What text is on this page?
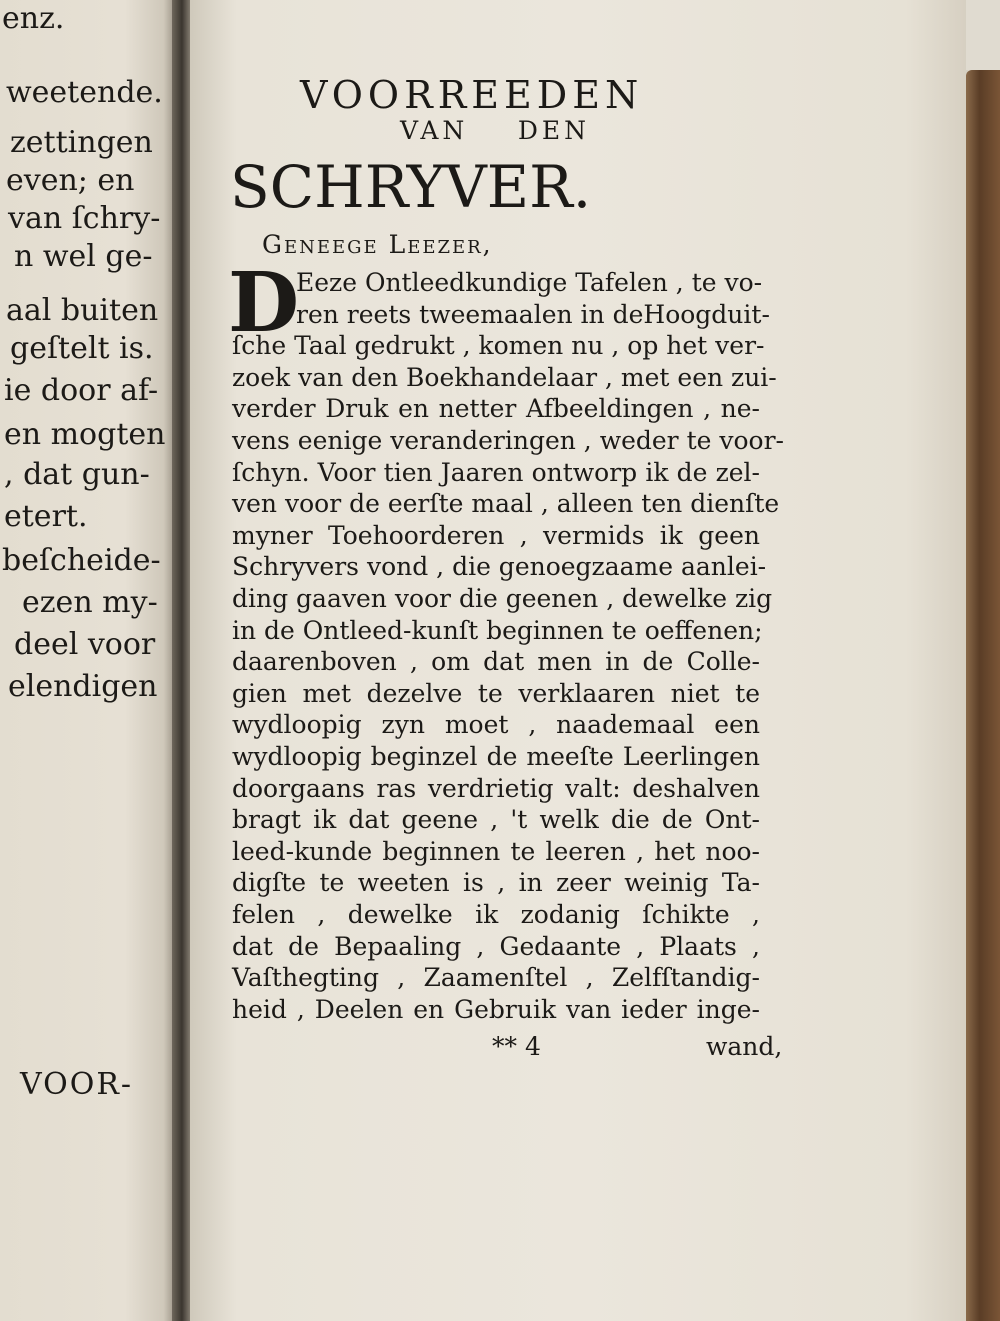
enz.
weetende.
zettingen
even; en
van ſchry-
n wel ge-
aal buiten
geſtelt is.
ie door af-
en mogten
, dat gun-
etert.
beſcheide-
ezen my-
deel voor
elendigen
VOOR-
VOORREEDEN
VAN DEN
SCHRYVER.
Geneege Leezer,
D
Eeze Ontleedkundige Tafelen , te vo-
ren reets tweemaalen in deHoogduit-
ſche Taal gedrukt , komen nu , op het ver-
zoek van den Boekhandelaar , met een zui-
verder Druk en netter Afbeeldingen , ne-
vens eenige veranderingen , weder te voor-
ſchyn. Voor tien Jaaren ontworp ik de zel-
ven voor de eerſte maal , alleen ten dienſte
myner Toehoorderen , vermids ik geen
Schryvers vond , die genoegzaame aanlei-
ding gaaven voor die geenen , dewelke zig
in de Ontleed-kunſt beginnen te oeffenen;
daarenboven , om dat men in de Colle-
gien met dezelve te verklaaren niet te
wydloopig zyn moet , naademaal een
wydloopig beginzel de meeſte Leerlingen
doorgaans ras verdrietig valt: deshalven
bragt ik dat geene , 't welk die de Ont-
leed-kunde beginnen te leeren , het noo-
digſte te weeten is , in zeer weinig Ta-
felen , dewelke ik zodanig ſchikte ,
dat de Bepaaling , Gedaante , Plaats ,
Vaſthegting , Zaamenſtel , Zelfſtandig-
heid , Deelen en Gebruik van ieder inge-
** 4	wand,
